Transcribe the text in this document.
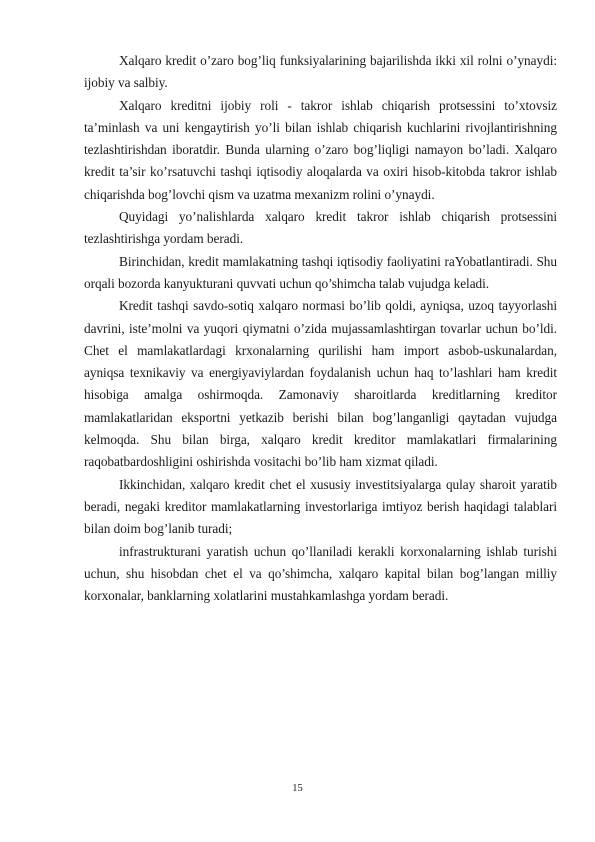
Xalqaro kredit o’zaro bog’liq funksiyalarining bajarilishda ikki xil rolni o’ynaydi: ijobiy va salbiy.

Xalqaro kreditni ijobiy roli - takror ishlab chiqarish protsessini to’xtovsiz ta’minlash va uni kengaytirish yo’li bilan ishlab chiqarish kuchlarini rivojlantirishning tezlashtirishdan iboratdir. Bunda ularning o’zaro bog’liqligi namayon bo’ladi. Xalqaro kredit ta’sir ko’rsatuvchi tashqi iqtisodiy aloqalarda va oxiri hisob-kitobda takror ishlab chiqarishda bog’lovchi qism va uzatma mexanizm rolini o’ynaydi.

Quyidagi yo’nalishlarda xalqaro kredit takror ishlab chiqarish protsessini tezlashtirishga yordam beradi.

Birinchidan, kredit mamlakatning tashqi iqtisodiy faoliyatini raYobatlantiradi. Shu orqali bozorda kanyukturani quvvati uchun qo’shimcha talab vujudga keladi.

Kredit tashqi savdo-sotiq xalqaro normasi bo’lib qoldi, ayniqsa, uzoq tayyorlashi davrini, iste’molni va yuqori qiymatni o’zida mujassamlashtirgan tovarlar uchun bo’ldi. Chet el mamlakatlardagi krxonalarning qurilishi ham import asbob-uskunalardan, ayniqsa texnikaviy va energiyaviylardan foydalanish uchun haq to’lashlari ham kredit hisobiga amalga oshirmoqda. Zamonaviy sharoitlarda kreditlarning kreditor mamlakatlaridan eksportni yetkazib berishi bilan bog’langanligi qaytadan vujudga kelmoqda. Shu bilan birga, xalqaro kredit kreditor mamlakatlari firmalarining raqobatbardoshligini oshirishda vositachi bo’lib ham xizmat qiladi.

Ikkinchidan, xalqaro kredit chet el xususiy investitsiyalarga qulay sharoit yaratib beradi, negaki kreditor mamlakatlarning investorlariga imtiyoz berish haqidagi talablari bilan doim bog’lanib turadi;

infrastrukturani yaratish uchun qo’llaniladi kerakli korxonalarning ishlab turishi uchun, shu hisobdan chet el va qo’shimcha, xalqaro kapital bilan bog’langan milliy korxonalar, banklarning xolatlarini mustahkamlashga yordam beradi.

15
